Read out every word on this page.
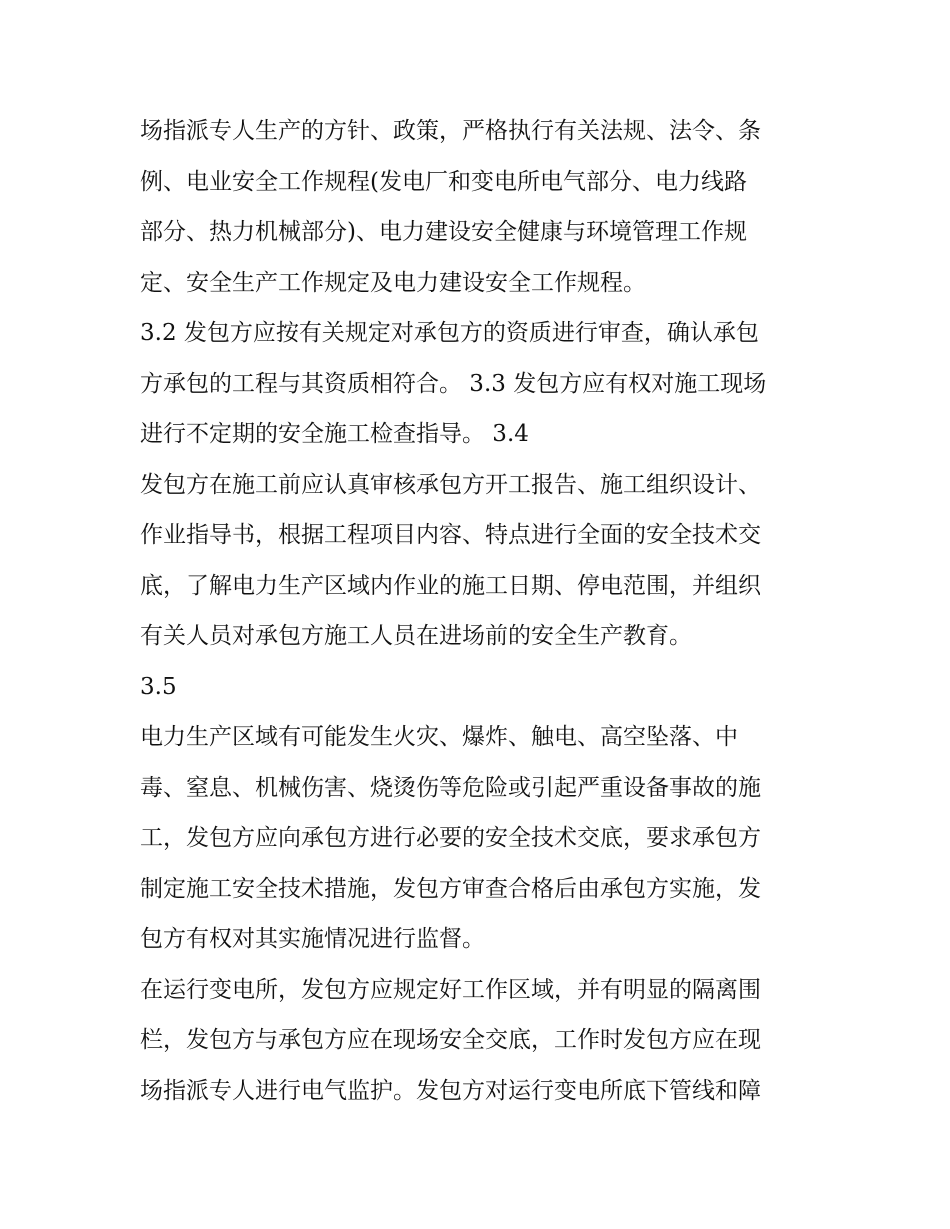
场指派专人生产的方针、政策，严格执行有关法规、法令、条
例、电业安全工作规程(发电厂和变电所电气部分、电力线路
部分、热力机械部分)、电力建设安全健康与环境管理工作规
定、安全生产工作规定及电力建设安全工作规程。
3.2 发包方应按有关规定对承包方的资质进行审查，确认承包
方承包的工程与其资质相符合。 3.3 发包方应有权对施工现场
进行不定期的安全施工检查指导。 3.4
发包方在施工前应认真审核承包方开工报告、施工组织设计、
作业指导书，根据工程项目内容、特点进行全面的安全技术交
底，了解电力生产区域内作业的施工日期、停电范围，并组织
有关人员对承包方施工人员在进场前的安全生产教育。
3.5
电力生产区域有可能发生火灾、爆炸、触电、高空坠落、中
毒、窒息、机械伤害、烧烫伤等危险或引起严重设备事故的施
工，发包方应向承包方进行必要的安全技术交底，要求承包方
制定施工安全技术措施，发包方审查合格后由承包方实施，发
包方有权对其实施情况进行监督。
在运行变电所，发包方应规定好工作区域，并有明显的隔离围
栏，发包方与承包方应在现场安全交底，工作时发包方应在现
场指派专人进行电气监护。发包方对运行变电所底下管线和障
